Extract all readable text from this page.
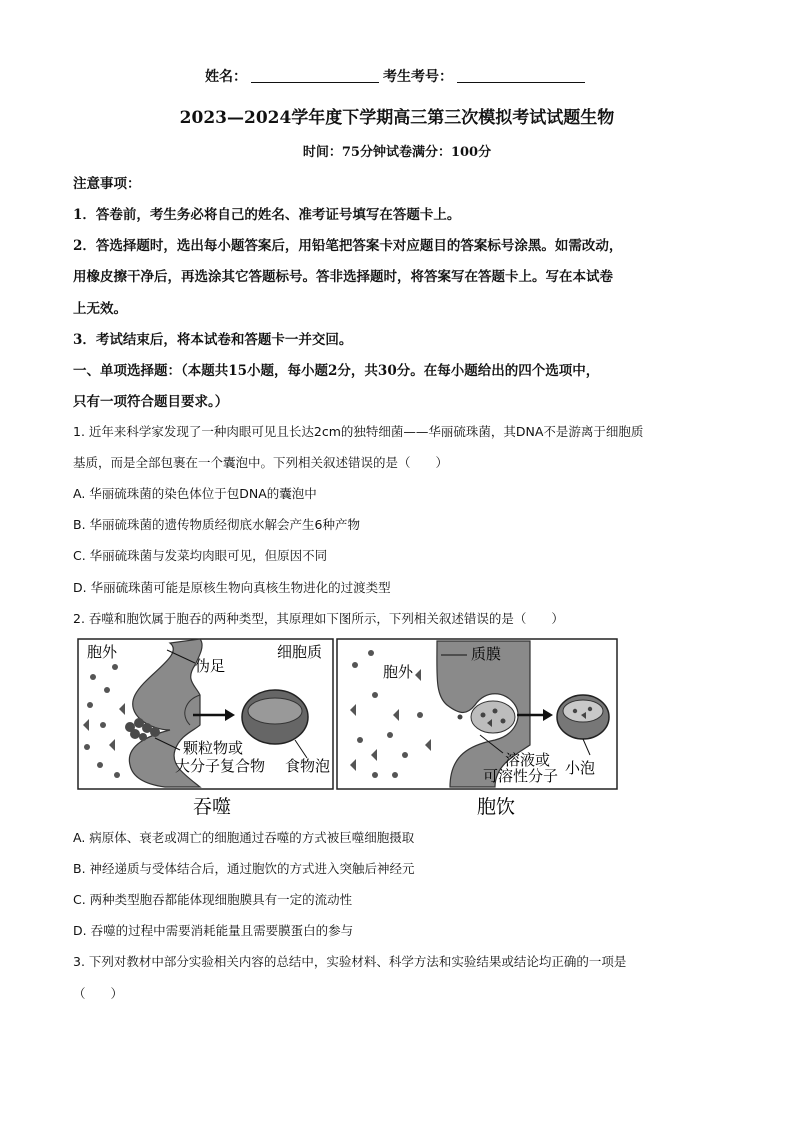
姓名：	考生考号：
2023—2024学年度下学期高三第三次模拟考试试题生物
时间：75分钟试卷满分：100分
注意事项：
1．答卷前，考生务必将自己的姓名、准考证号填写在答题卡上。
2．答选择题时，选出每小题答案后，用铅笔把答案卡对应题目的答案标号涂黑。如需改动，
用橡皮擦干净后，再选涂其它答题标号。答非选择题时，将答案写在答题卡上。写在本试卷
上无效。
3．考试结束后，将本试卷和答题卡一并交回。
一、单项选择题：（本题共15小题，每小题2分，共30分。在每小题给出的四个选项中，
只有一项符合题目要求。）
1. 近年来科学家发现了一种肉眼可见且长达2cm的独特细菌——华丽硫珠菌，其DNA不是游离于细胞质
基质，而是全部包裹在一个囊泡中。下列相关叙述错误的是（　　）
A. 华丽硫珠菌的染色体位于包DNA的囊泡中
B. 华丽硫珠菌的遗传物质经彻底水解会产生6种产物
C. 华丽硫珠菌与发菜均肉眼可见，但原因不同
D. 华丽硫珠菌可能是原核生物向真核生物进化的过渡类型
2. 吞噬和胞饮属于胞吞的两种类型，其原理如下图所示，下列相关叙述错误的是（　　）
胞外	细胞质
伪足
颗粒物或
大分子复合物 食物泡
吞噬
胞外
质膜
溶液或
可溶性分子 小泡
胞饮
A. 病原体、衰老或凋亡的细胞通过吞噬的方式被巨噬细胞摄取
B. 神经递质与受体结合后，通过胞饮的方式进入突触后神经元
C. 两种类型胞吞都能体现细胞膜具有一定的流动性
D. 吞噬的过程中需要消耗能量且需要膜蛋白的参与
3. 下列对教材中部分实验相关内容的总结中，实验材料、科学方法和实验结果或结论均正确的一项是
（　　）
